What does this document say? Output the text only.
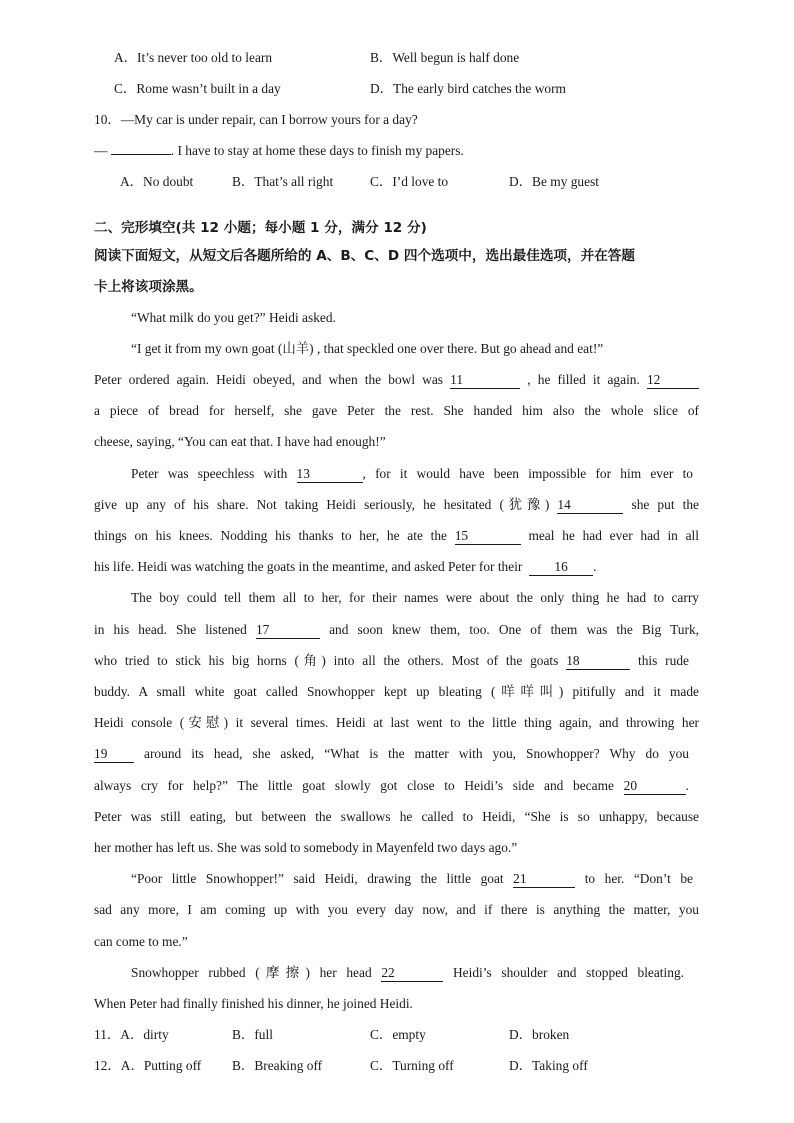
A．It’s never too old to learn	B．Well begun is half done
C．Rome wasn’t built in a day	D．The early bird catches the worm
10．—My car is under repair, can I borrow yours for a day?
—	. I have to stay at home these days to finish my papers.
A．No doubt	B．That’s all right	C．I’d love to	D．Be my guest
二、完形填空(共 12 小题；每小题 1 分，满分 12 分)
阅读下面短文，从短文后各题所给的 A、B、C、D 四个选项中，选出最佳选项，并在答题
卡上将该项涂黑。
“What milk do you get?” Heidi asked.
“I get it from my own goat (山羊) , that speckled one over there. But go ahead and eat!”
Peter ordered again. Heidi obeyed, and when the bowl was 11	, he filled it again. 12
a piece of bread for herself, she gave Peter the rest. She handed him also the whole slice of
cheese, saying, “You can eat that. I have had enough!”
Peter was speechless with 13	, for it would have been impossible for him ever to
give up any of his share. Not taking Heidi seriously, he hesitated (犹豫) 14	she put the
things on his knees. Nodding his thanks to her, he ate the 15	meal he had ever had in all
his life. Heidi was watching the goats in the meantime, and asked Peter for their 16 .
The boy could tell them all to her, for their names were about the only thing he had to carry
in his head. She listened 17	and soon knew them, too. One of them was the Big Turk,
who tried to stick his big horns (角) into all the others. Most of the goats 18	this rude
buddy. A small white goat called Snowhopper kept up bleating (咩咩叫) pitifully and it made
Heidi console (安慰) it several times. Heidi at last went to the little thing again, and throwing her
19	around its head, she asked, “What is the matter with you, Snowhopper? Why do you
always cry for help?” The little goat slowly got close to Heidi’s side and became 20	.
Peter was still eating, but between the swallows he called to Heidi, “She is so unhappy, because
her mother has left us. She was sold to somebody in Mayenfeld two days ago.”
“Poor little Snowhopper!” said Heidi, drawing the little goat 21	to her. “Don’t be
sad any more, I am coming up with you every day now, and if there is anything the matter, you
can come to me.”
Snowhopper rubbed (摩擦) her head 22	Heidi’s shoulder and stopped bleating.
When Peter had finally finished his dinner, he joined Heidi.
11．A．dirty	B．full	C．empty	D．broken
12．A．Putting off B．Breaking off	C．Turning off	D．Taking off
